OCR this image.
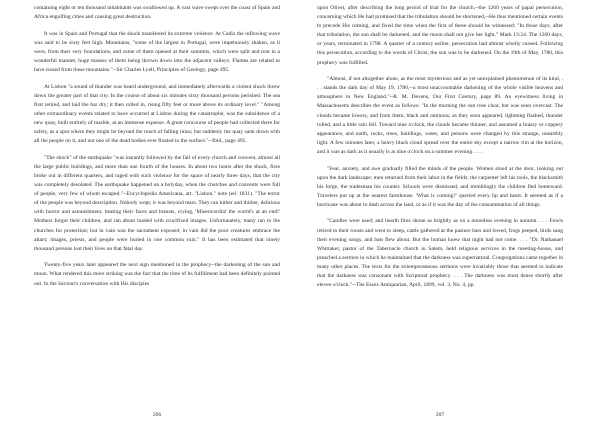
containing eight or ten thousand inhabitants was swallowed up. A vast wave swept over the coast of Spain and Africa engulfing cities and causing great destruction.

It was in Spain and Portugal that the shock manifested its extreme violence. At Cadiz the inflowing wave was said to be sixty feet high. Mountains, "some of the largest in Portugal, were impetuously shaken, as it were, from their very foundations, and some of them opened at their summits, which were split and rent in a wonderful manner, huge masses of them being thrown down into the adjacent valleys. Flames are related to have issued from these mountains."--Sir Charles Lyell, Principles of Geology, page 495.

At Lisbon "a sound of thunder was heard underground, and immediately afterwards a violent shock threw down the greater part of that city. In the course of about six minutes sixty thousand persons perished. The sea first retired, and laid the bar dry; it then rolled in, rising fifty feet or more above its ordinary level." "Among other extraordinary events related to have occurred at Lisbon during the catastrophe, was the subsidence of a new quay, built entirely of marble, at an immense expense. A great concourse of people had collected there for safety, as a spot where they might be beyond the reach of falling ruins; but suddenly the quay sank down with all the people on it, and not one of the dead bodies ever floated to the surface."--Ibid., page 495.

"The shock" of the earthquake "was instantly followed by the fall of every church and convent, almost all the large public buildings, and more than one fourth of the houses. In about two hours after the shock, fires broke out in different quarters, and raged with such violence for the space of nearly three days, that the city was completely desolated. The earthquake happened on a holyday, when the churches and convents were full of people, very few of whom escaped."--Encyclopedia Americana, art. "Lisbon," note (ed. 1831). "The terror of the people was beyond description. Nobody wept; it was beyond tears. They ran hither and thither, delirious with horror and astonishment, beating their faces and breasts, crying, 'Misericordia! the world's at an end!' Mothers forgot their children, and ran about loaded with crucifixed images. Unfortunately, many ran to the churches for protection; but in vain was the sacrament exposed; in vain did the poor creatures embrace the altars; images, priests, and people were buried in one common ruin." It has been estimated that ninety thousand persons lost their lives on that fatal day.

Twenty-five years later appeared the next sign mentioned in the prophecy--the darkening of the sun and moon. What rendered this more striking was the fact that the time of its fulfillment had been definitely pointed out. In the Saviour's conversation with His disciples

206

upon Olivet, after describing the long period of trial for the church,--the 1260 years of papal persecution, concerning which He had promised that the tribulation should be shortened,--He thus mentioned certain events to precede His coming, and fixed the time when the first of these should be witnessed: "In those days, after that tribulation, the sun shall be darkened, and the moon shall not give her light." Mark 13:24. The 1260 days, or years, terminated in 1798. A quarter of a century earlier, persecution had almost wholly ceased. Following this persecution, according to the words of Christ, the sun was to be darkened. On the 19th of May, 1780, this prophecy was fulfilled.

"Almost, if not altogether alone, as the most mysterious and as yet unexplained phenomenon of its kind, . . . stands the dark day of May 19, 1780,--a most unaccountable darkening of the whole visible heavens and atmosphere in New England."--R. M. Devens, Our First Century, page 89. An eyewitness living in Massachusetts describes the event as follows: "In the morning the sun rose clear, but was soon overcast. The clouds became lowery, and from them, black and ominous, as they soon appeared, lightning flashed, thunder rolled, and a little rain fell. Toward nine o'clock, the clouds became thinner, and assumed a brassy or coppery appearance, and earth, rocks, trees, buildings, water, and persons were changed by this strange, unearthly light. A few minutes later, a heavy black cloud spread over the entire sky except a narrow rim at the horizon, and it was as dark as it usually is at nine o'clock on a summer evening. . . .

"Fear, anxiety, and awe gradually filled the minds of the people. Women stood at the door, looking out upon the dark landscape; men returned from their labor in the fields; the carpenter left his tools, the blacksmith his forge, the tradesman his counter. Schools were dismissed, and tremblingly the children fled homeward. Travelers put up at the nearest farmhouse. 'What is coming?' queried every lip and heart. It seemed as if a hurricane was about to dash across the land, or as if it was the day of the consummation of all things.

"Candles were used; and hearth fires shone as brightly as on a moonless evening in autumn. . . . Fowls retired to their roosts and went to sleep, cattle gathered at the pasture bars and lowed, frogs peeped, birds sang their evening songs, and bats flew about. But the human knew that night had not come. . . . "Dr. Nathanael Whittaker, pastor of the Tabernacle church in Salem, held religious services in the meeting-house, and preached a sermon in which he maintained that the darkness was supernatural. Congregations came together in many other places. The texts for the extemporaneous sermons were invariably those that seemed to indicate that the darkness was consonant with Scriptural prophecy. . . . The darkness was most dense shortly after eleven o'clock."--The Essex Antiquarian, April, 1899, vol. 3, No. 4, pp.

207
